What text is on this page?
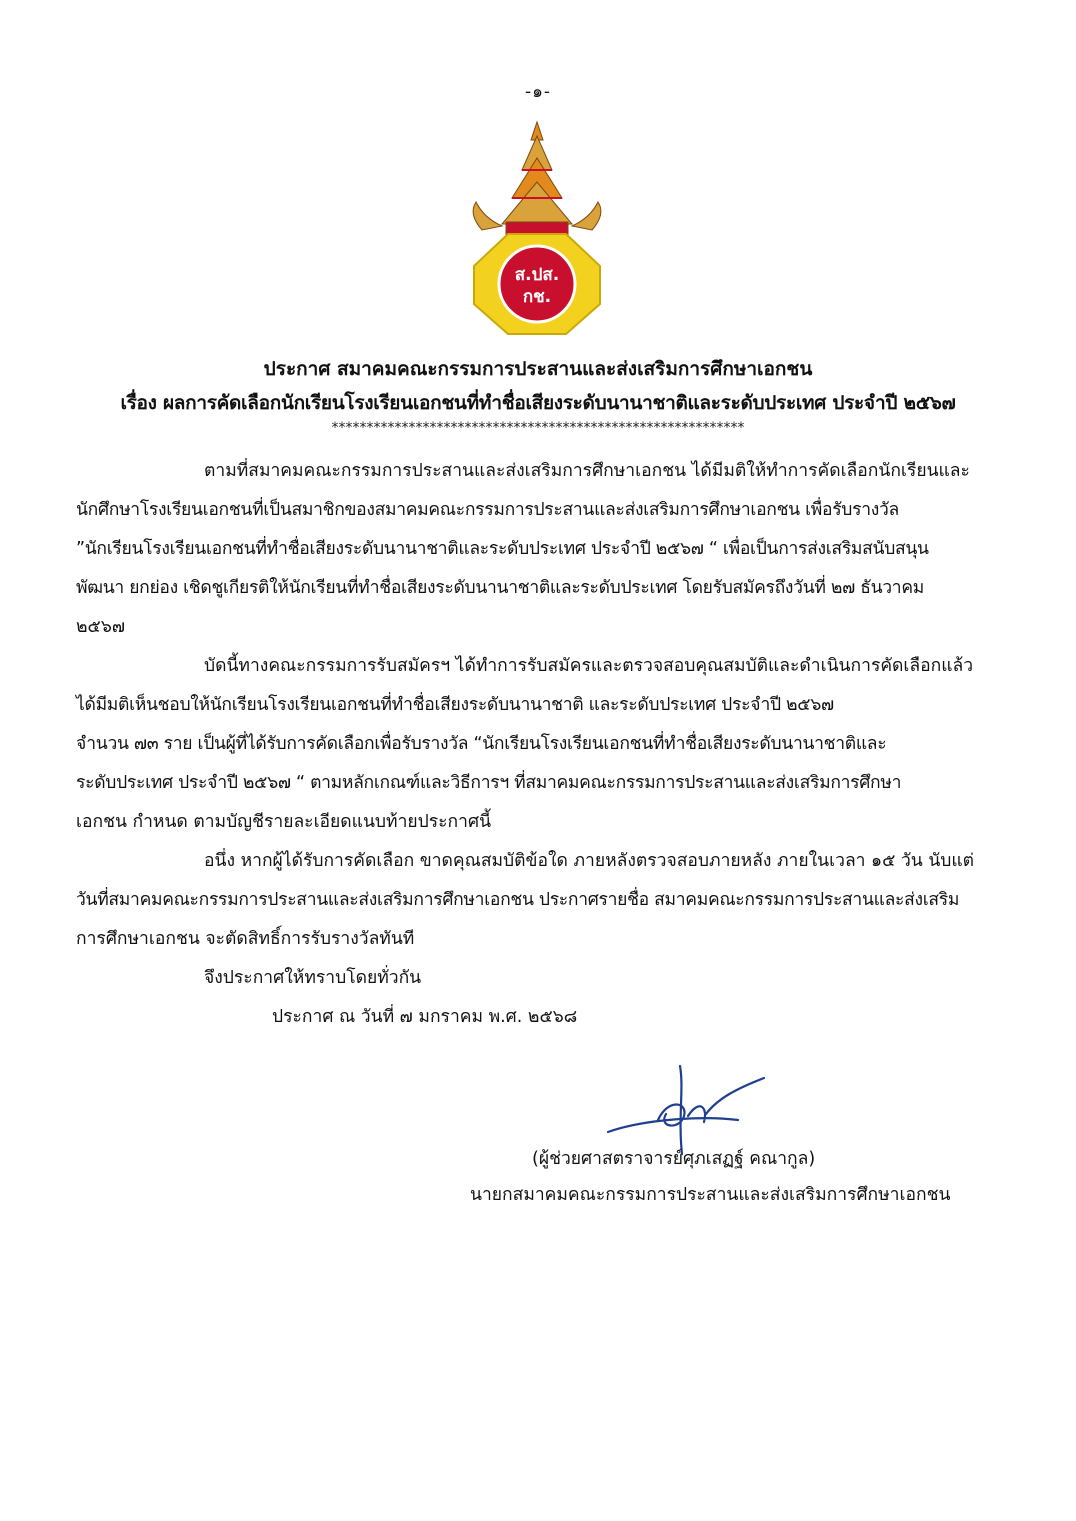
-๑-
ส.ปส.
กช.
ประกาศ สมาคมคณะกรรมการประสานและส่งเสริมการศึกษาเอกชน
เรื่อง ผลการคัดเลือกนักเรียนโรงเรียนเอกชนที่ทำชื่อเสียงระดับนานาชาติและระดับประเทศ ประจำปี ๒๕๖๗
***********************************************************
ตามที่สมาคมคณะกรรมการประสานและส่งเสริมการศึกษาเอกชน ได้มีมติให้ทำการคัดเลือกนักเรียนและ
นักศึกษาโรงเรียนเอกชนที่เป็นสมาชิกของสมาคมคณะกรรมการประสานและส่งเสริมการศึกษาเอกชน เพื่อรับรางวัล
”นักเรียนโรงเรียนเอกชนที่ทำชื่อเสียงระดับนานาชาติและระดับประเทศ ประจำปี ๒๕๖๗ “ เพื่อเป็นการส่งเสริมสนับสนุน
พัฒนา ยกย่อง เชิดชูเกียรติให้นักเรียนที่ทำชื่อเสียงระดับนานาชาติและระดับประเทศ โดยรับสมัครถึงวันที่ ๒๗ ธันวาคม
๒๕๖๗
บัดนี้ทางคณะกรรมการรับสมัครฯ ได้ทำการรับสมัครและตรวจสอบคุณสมบัติและดำเนินการคัดเลือกแล้ว
ได้มีมติเห็นชอบให้นักเรียนโรงเรียนเอกชนที่ทำชื่อเสียงระดับนานาชาติ และระดับประเทศ ประจำปี ๒๕๖๗
จำนวน ๗๓ ราย เป็นผู้ที่ได้รับการคัดเลือกเพื่อรับรางวัล “นักเรียนโรงเรียนเอกชนที่ทำชื่อเสียงระดับนานาชาติและ
ระดับประเทศ ประจำปี ๒๕๖๗ “ ตามหลักเกณฑ์และวิธีการฯ ที่สมาคมคณะกรรมการประสานและส่งเสริมการศึกษา
เอกชน กำหนด ตามบัญชีรายละเอียดแนบท้ายประกาศนี้
อนึ่ง หากผู้ได้รับการคัดเลือก ขาดคุณสมบัติข้อใด ภายหลังตรวจสอบภายหลัง ภายในเวลา ๑๕ วัน นับแต่
วันที่สมาคมคณะกรรมการประสานและส่งเสริมการศึกษาเอกชน ประกาศรายชื่อ สมาคมคณะกรรมการประสานและส่งเสริม
การศึกษาเอกชน จะตัดสิทธิ์การรับรางวัลทันที
จึงประกาศให้ทราบโดยทั่วกัน
ประกาศ ณ วันที่ ๗ มกราคม พ.ศ. ๒๕๖๘
(ผู้ช่วยศาสตราจารย์ศุภเสฏฐ์ คณากูล)
นายกสมาคมคณะกรรมการประสานและส่งเสริมการศึกษาเอกชน
